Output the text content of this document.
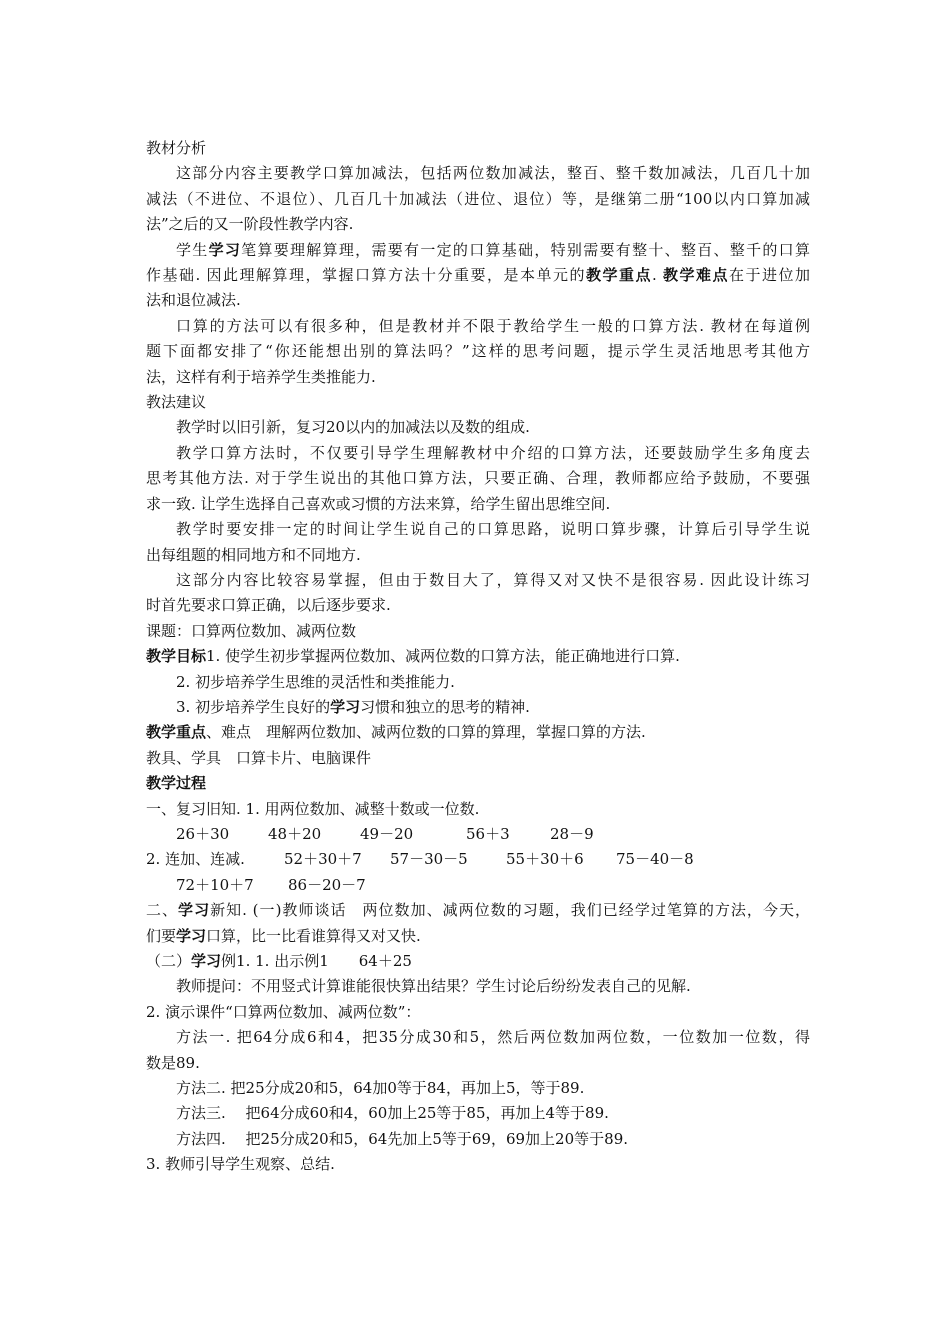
教材分析
这部分内容主要教学口算加减法，包括两位数加减法，整百、整千数加减法，几百几十加
减法（不进位、不退位）、几百几十加减法（进位、退位）等，是继第二册“100以内口算加减
法”之后的又一阶段性教学内容.
学生学习笔算要理解算理，需要有一定的口算基础，特别需要有整十、整百、整千的口算
作基础. 因此理解算理，掌握口算方法十分重要，是本单元的教学重点. 教学难点在于进位加
法和退位减法.
口算的方法可以有很多种，但是教材并不限于教给学生一般的口算方法. 教材在每道例
题下面都安排了“你还能想出别的算法吗？”这样的思考问题，提示学生灵活地思考其他方
法，这样有利于培养学生类推能力.
教法建议
教学时以旧引新，复习20以内的加减法以及数的组成.
教学口算方法时，不仅要引导学生理解教材中介绍的口算方法，还要鼓励学生多角度去
思考其他方法. 对于学生说出的其他口算方法，只要正确、合理，教师都应给予鼓励，不要强
求一致. 让学生选择自己喜欢或习惯的方法来算，给学生留出思维空间.
教学时要安排一定的时间让学生说自己的口算思路，说明口算步骤，计算后引导学生说
出每组题的相同地方和不同地方.
这部分内容比较容易掌握，但由于数目大了，算得又对又快不是很容易. 因此设计练习
时首先要求口算正确，以后逐步要求.
课题：口算两位数加、减两位数
教学目标1. 使学生初步掌握两位数加、减两位数的口算方法，能正确地进行口算.
2. 初步培养学生思维的灵活性和类推能力.
3. 初步培养学生良好的学习习惯和独立的思考的精神.
教学重点、难点　理解两位数加、减两位数的口算的算理，掌握口算的方法.
教具、学具　口算卡片、电脑课件
教学过程
一、复习旧知. 1. 用两位数加、减整十数或一位数.
26＋30	48＋20	49－20	56＋3	28－9
2. 连加、连减.	52＋30＋7	57－30－5	55＋30＋6	75－40－8
72＋10＋7	86－20－7
二、学习新知. (一)教师谈话　两位数加、减两位数的习题，我们已经学过笔算的方法，今天，
们要学习口算，比一比看谁算得又对又快.
（二）学习例1. 1. 出示例1　　64＋25
教师提问：不用竖式计算谁能很快算出结果？学生讨论后纷纷发表自己的见解.
2. 演示课件“口算两位数加、减两位数”：
方法一. 把64分成6和4，把35分成30和5，然后两位数加两位数，一位数加一位数，得
数是89.
方法二. 把25分成20和5，64加0等于84，再加上5，等于89.
方法三.　 把64分成60和4，60加上25等于85，再加上4等于89.
方法四.　 把25分成20和5，64先加上5等于69，69加上20等于89.
3. 教师引导学生观察、总结.
